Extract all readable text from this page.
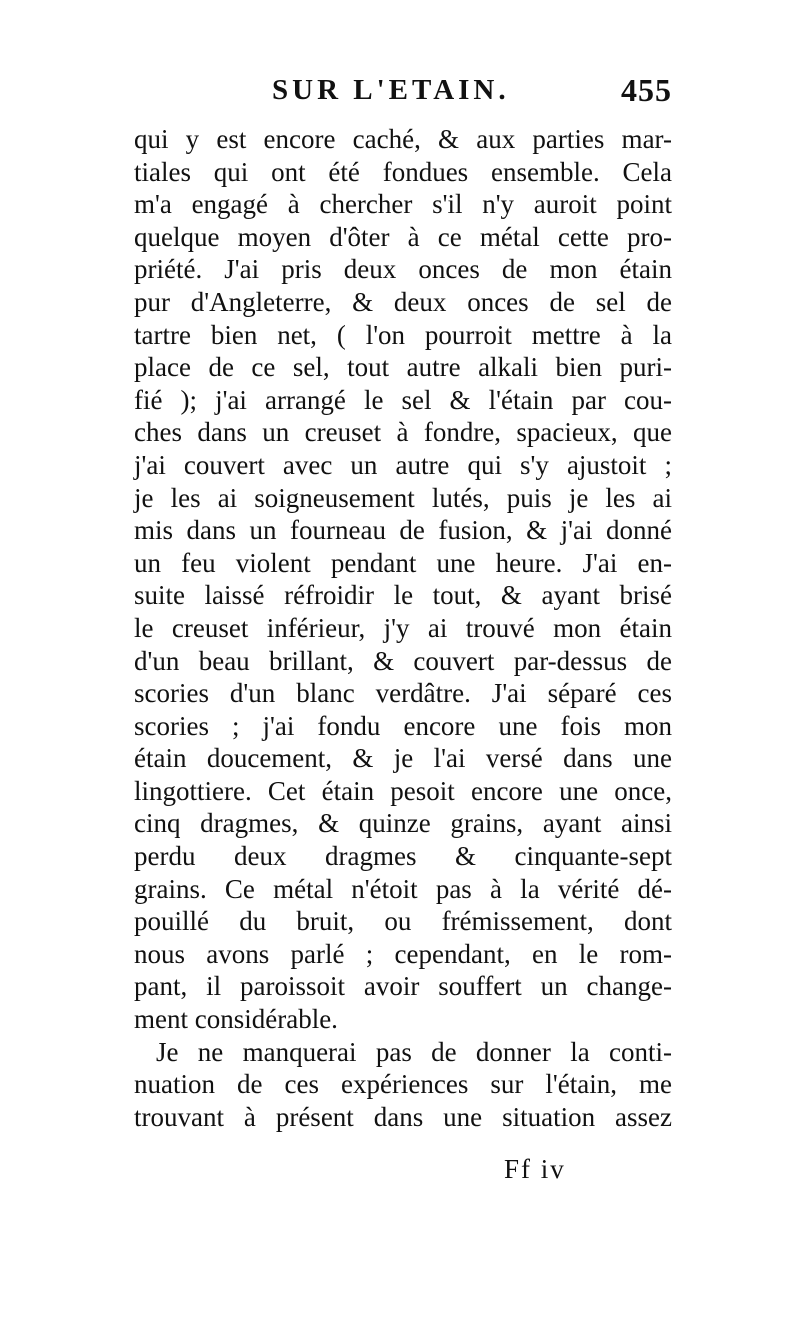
SUR L'ETAIN.	455
qui y est encore caché, & aux parties mar-
tiales qui ont été fondues ensemble. Cela
m'a engagé à chercher s'il n'y auroit point
quelque moyen d'ôter à ce métal cette pro-
priété. J'ai pris deux onces de mon étain
pur d'Angleterre, & deux onces de sel de
tartre bien net, ( l'on pourroit mettre à la
place de ce sel, tout autre alkali bien puri-
fié ); j'ai arrangé le sel & l'étain par cou-
ches dans un creuset à fondre, spacieux, que
j'ai couvert avec un autre qui s'y ajustoit ;
je les ai soigneusement lutés, puis je les ai
mis dans un fourneau de fusion, & j'ai donné
un feu violent pendant une heure. J'ai en-
suite laissé réfroidir le tout, & ayant brisé
le creuset inférieur, j'y ai trouvé mon étain
d'un beau brillant, & couvert par-dessus de
scories d'un blanc verdâtre. J'ai séparé ces
scories ; j'ai fondu encore une fois mon
étain doucement, & je l'ai versé dans une
lingottiere. Cet étain pesoit encore une once,
cinq dragmes, & quinze grains, ayant ainsi
perdu deux dragmes & cinquante-sept
grains. Ce métal n'étoit pas à la vérité dé-
pouillé du bruit, ou frémissement, dont
nous avons parlé ; cependant, en le rom-
pant, il paroissoit avoir souffert un change-
ment considérable.
Je ne manquerai pas de donner la conti-
nuation de ces expériences sur l'étain, me
trouvant à présent dans une situation assez
Ff iv
